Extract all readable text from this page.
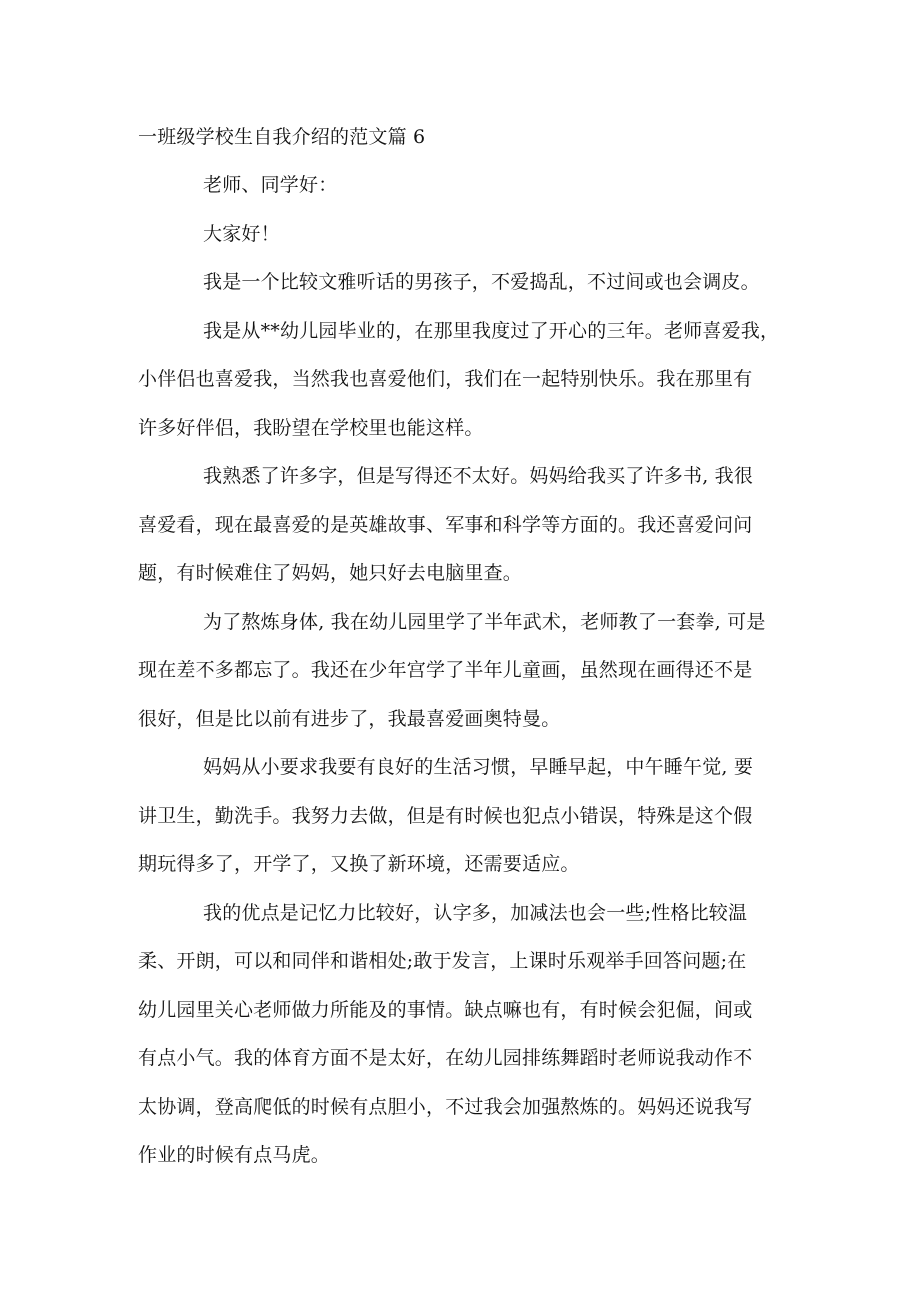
一班级学校生自我介绍的范文篇 6
老师、同学好：
大家好！
我是一个比较文雅听话的男孩子，不爱捣乱，不过间或也会调皮。
我是从**幼儿园毕业的，在那里我度过了开心的三年。老师喜爱我，
小伴侣也喜爱我，当然我也喜爱他们，我们在一起特别快乐。我在那里有
许多好伴侣，我盼望在学校里也能这样。
我熟悉了许多字，但是写得还不太好。妈妈给我买了许多书, 我很
喜爱看，现在最喜爱的是英雄故事、军事和科学等方面的。我还喜爱问问
题，有时候难住了妈妈，她只好去电脑里查。
为了熬炼身体, 我在幼儿园里学了半年武术，老师教了一套拳, 可是
现在差不多都忘了。我还在少年宫学了半年儿童画，虽然现在画得还不是
很好，但是比以前有进步了，我最喜爱画奥特曼。
妈妈从小要求我要有良好的生活习惯，早睡早起，中午睡午觉, 要
讲卫生，勤洗手。我努力去做，但是有时候也犯点小错误，特殊是这个假
期玩得多了，开学了，又换了新环境，还需要适应。
我的优点是记忆力比较好，认字多，加减法也会一些;性格比较温
柔、开朗，可以和同伴和谐相处;敢于发言，上课时乐观举手回答问题;在
幼儿园里关心老师做力所能及的事情。缺点嘛也有，有时候会犯倔，间或
有点小气。我的体育方面不是太好，在幼儿园排练舞蹈时老师说我动作不
太协调，登高爬低的时候有点胆小，不过我会加强熬炼的。妈妈还说我写
作业的时候有点马虎。
